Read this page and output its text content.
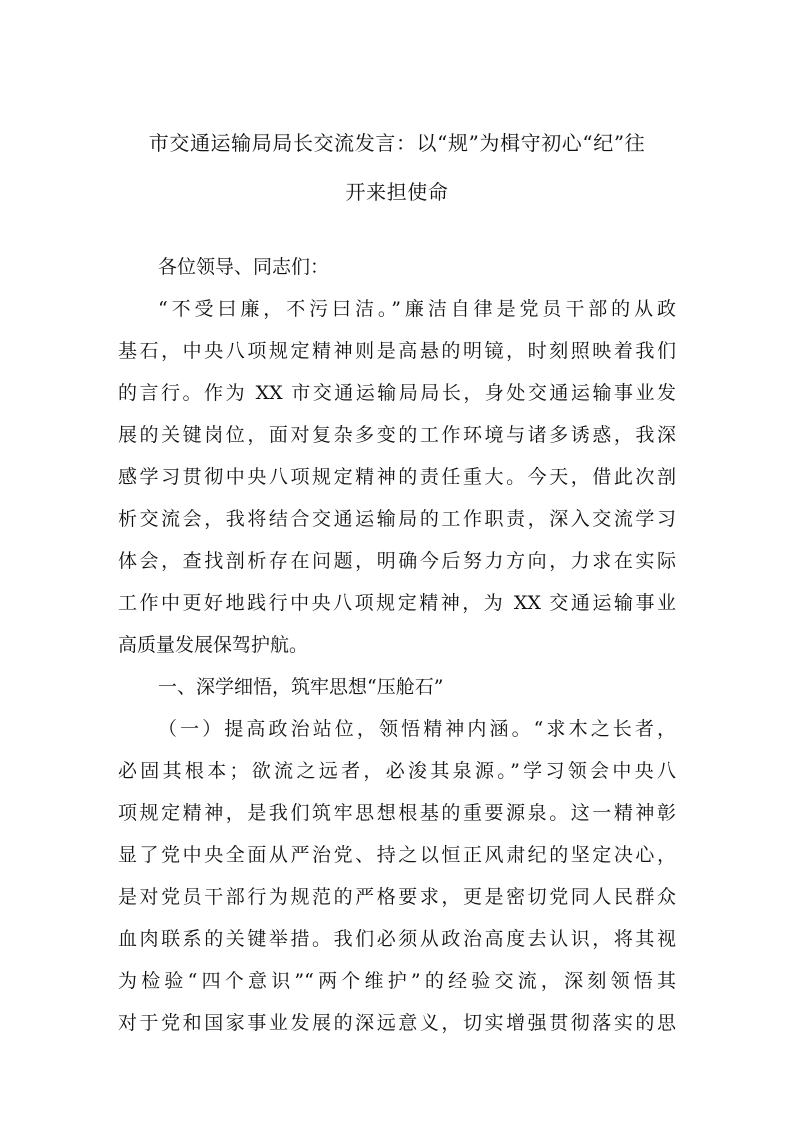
市交通运输局局长交流发言：以“规”为楫守初心“纪”往
开来担使命
各位领导、同志们：
“不受曰廉，不污曰洁。”廉洁自律是党员干部的从政
基石，中央八项规定精神则是高悬的明镜，时刻照映着我们
的言行。作为 XX 市交通运输局局长，身处交通运输事业发
展的关键岗位，面对复杂多变的工作环境与诸多诱惑，我深
感学习贯彻中央八项规定精神的责任重大。今天，借此次剖
析交流会，我将结合交通运输局的工作职责，深入交流学习
体会，查找剖析存在问题，明确今后努力方向，力求在实际
工作中更好地践行中央八项规定精神，为 XX 交通运输事业
高质量发展保驾护航。
一、深学细悟，筑牢思想“压舱石”
（一）提高政治站位，领悟精神内涵。“求木之长者，
必固其根本；欲流之远者，必浚其泉源。”学习领会中央八
项规定精神，是我们筑牢思想根基的重要源泉。这一精神彰
显了党中央全面从严治党、持之以恒正风肃纪的坚定决心，
是对党员干部行为规范的严格要求，更是密切党同人民群众
血肉联系的关键举措。我们必须从政治高度去认识，将其视
为检验“四个意识”“两个维护”的经验交流，深刻领悟其
对于党和国家事业发展的深远意义，切实增强贯彻落实的思
